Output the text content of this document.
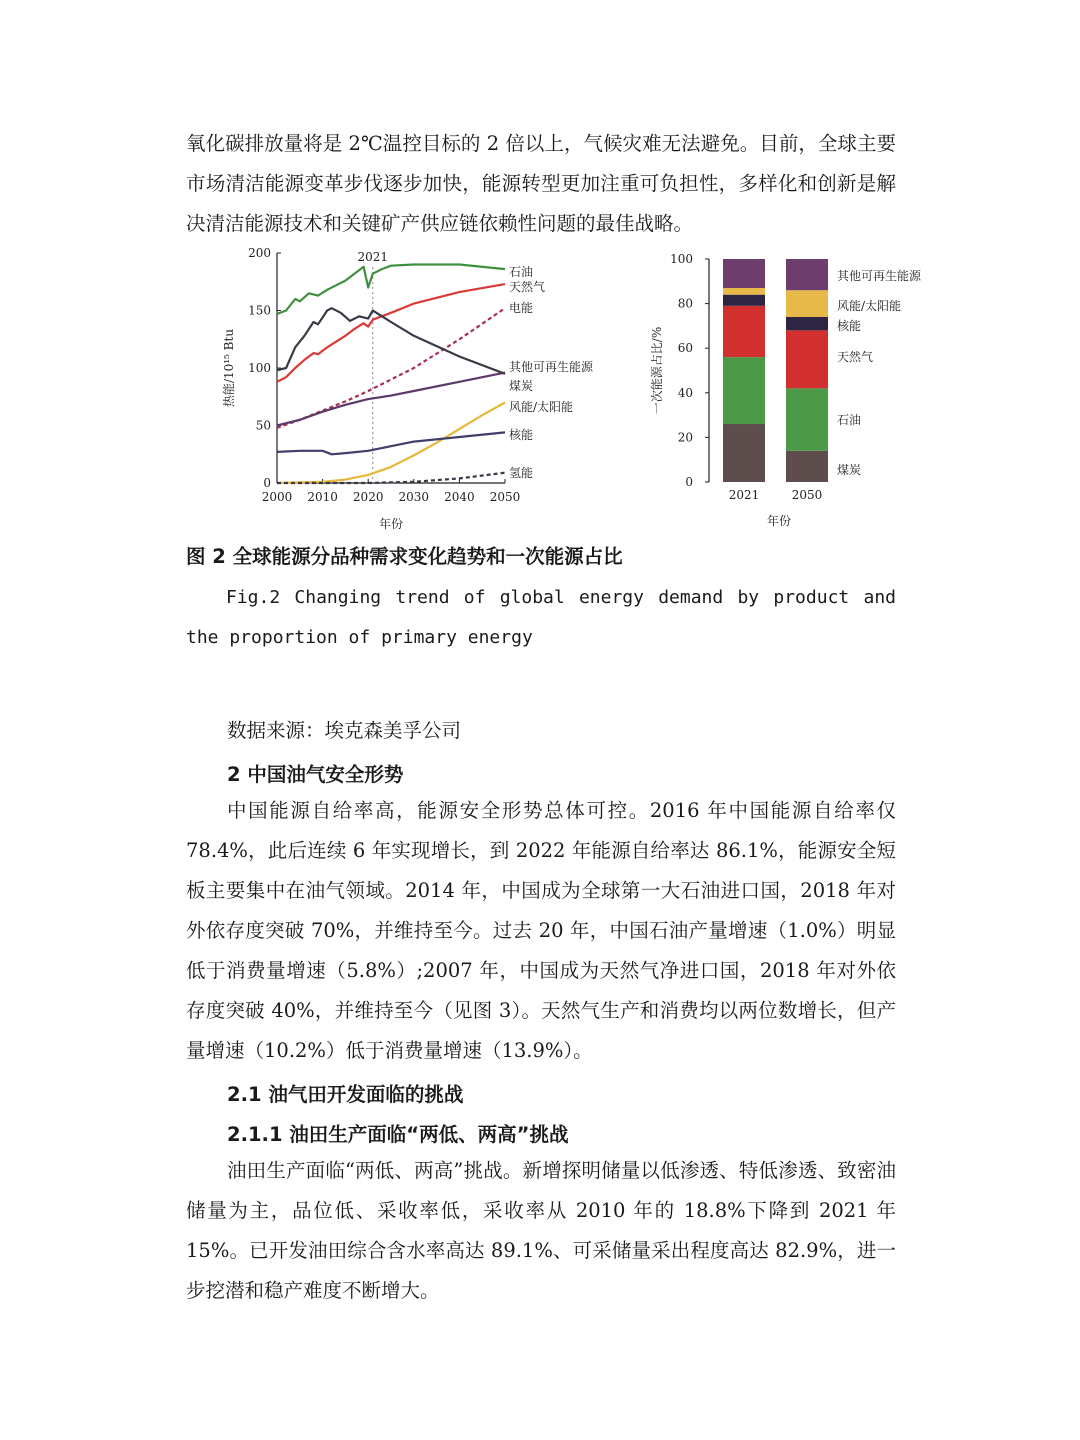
氧化碳排放量将是 2℃温控目标的 2 倍以上，气候灾难无法避免。目前，全球主要市场清洁能源变革步伐逐步加快，能源转型更加注重可负担性，多样化和创新是解决清洁能源技术和关键矿产供应链依赖性问题的最佳战略。

0
50
100
150
200
2000 2010 2020 2030 2040 2050
热能/10¹⁵ Btu
年份
2021
石油
天然气
电能
其他可再生能源
煤炭
风能/太阳能
核能
氢能
0
20
40
60
80
100
一次能源占比/%
年份
2021	2050
煤炭
石油
天然气
核能
风能/太阳能
其他可再生能源

图 2 全球能源分品种需求变化趋势和一次能源占比

Fig.2 Changing trend of global energy demand by product and the proportion of primary energy

数据来源：埃克森美孚公司

2 中国油气安全形势

中国能源自给率高，能源安全形势总体可控。2016 年中国能源自给率仅 78.4%，此后连续 6 年实现增长，到 2022 年能源自给率达 86.1%，能源安全短板主要集中在油气领域。2014 年，中国成为全球第一大石油进口国，2018 年对外依存度突破 70%，并维持至今。过去 20 年，中国石油产量增速（1.0%）明显低于消费量增速（5.8%）;2007 年，中国成为天然气净进口国，2018 年对外依存度突破 40%，并维持至今（见图 3）。天然气生产和消费均以两位数增长，但产量增速（10.2%）低于消费量增速（13.9%）。

2.1 油气田开发面临的挑战

2.1.1 油田生产面临“两低、两高”挑战

油田生产面临“两低、两高”挑战。新增探明储量以低渗透、特低渗透、致密油储量为主，品位低、采收率低，采收率从 2010 年的 18.8%下降到 2021 年 15%。已开发油田综合含水率高达 89.1%、可采储量采出程度高达 82.9%，进一步挖潜和稳产难度不断增大。
